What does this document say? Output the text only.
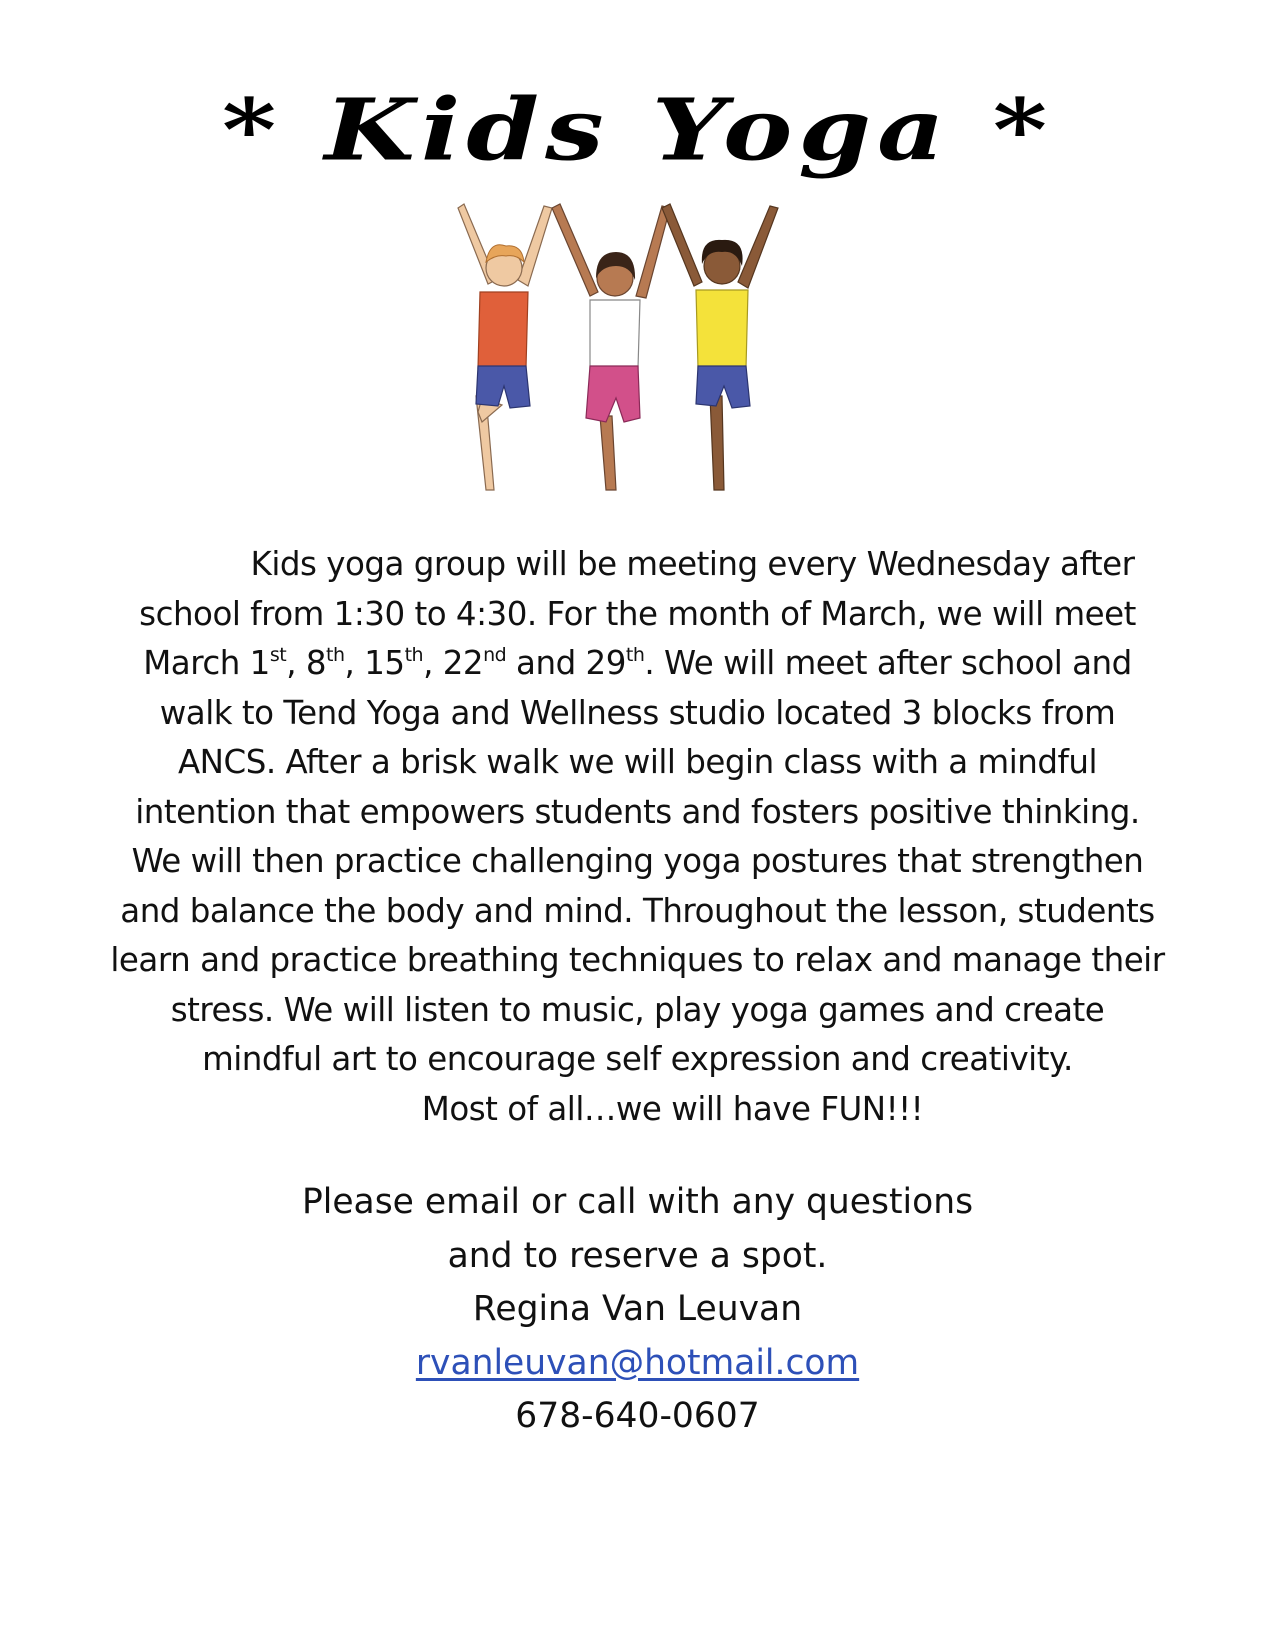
* Kids Yoga *
Kids yoga group will be meeting every Wednesday after
school from 1:30 to 4:30. For the month of March, we will meet
March 1st, 8th, 15th, 22nd and 29th. We will meet after school and
walk to Tend Yoga and Wellness studio located 3 blocks from
ANCS. After a brisk walk we will begin class with a mindful
intention that empowers students and fosters positive thinking.
We will then practice challenging yoga postures that strengthen
and balance the body and mind. Throughout the lesson, students
learn and practice breathing techniques to relax and manage their
stress. We will listen to music, play yoga games and create
mindful art to encourage self expression and creativity.
Most of all…we will have FUN!!!
Please email or call with any questions
and to reserve a spot.
Regina Van Leuvan
rvanleuvan@hotmail.com
678-640-0607
